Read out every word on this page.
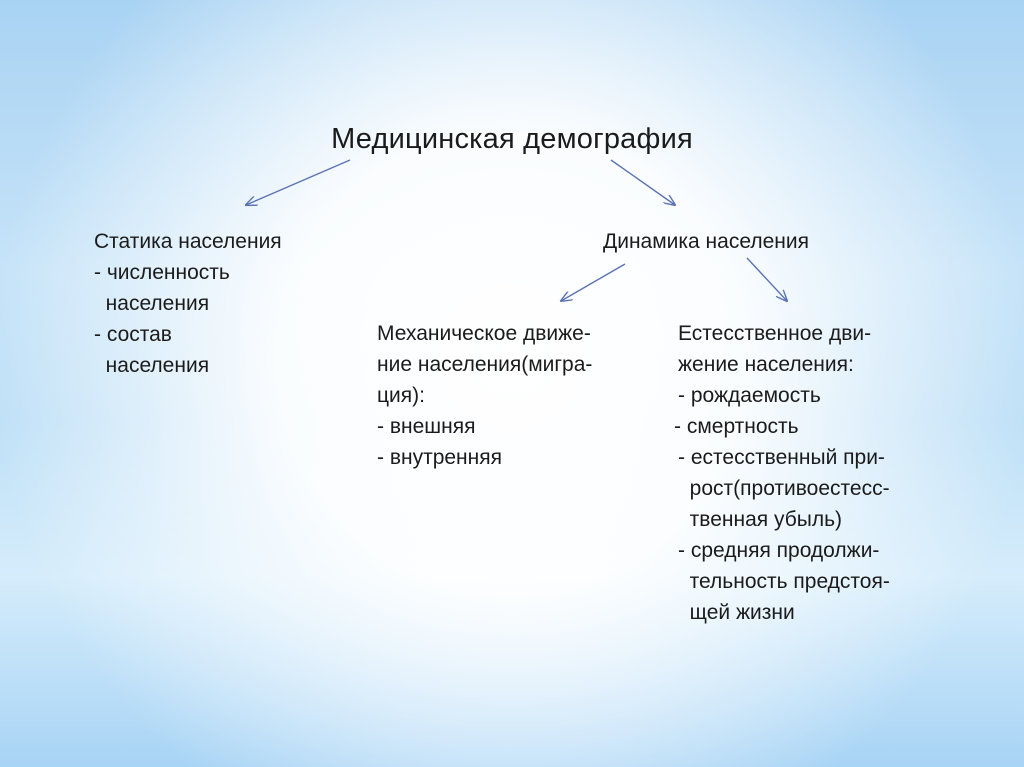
Медицинская демография
Статика населения
- численность
населения
- состав
населения
Динамика населения
Механическое движе-
ние населения(мигра-
ция):
- внешняя
- внутренняя
Естесственное дви-
жение населения:
- рождаемость
- смертность
- естесственный при-
рост(противоестесс-
твенная убыль)
- средняя продолжи-
тельность предстоя-
щей жизни
